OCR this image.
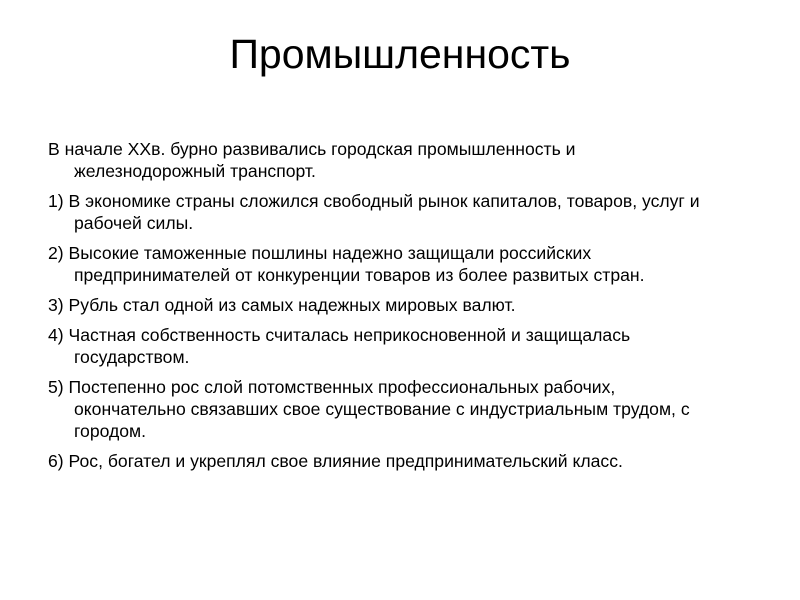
Промышленность
В начале XXв. бурно развивались городская промышленность и железнодорожный транспорт.
1) В экономике страны сложился свободный рынок капиталов, товаров, услуг и рабочей силы.
2) Высокие таможенные пошлины надежно защищали российских предпринимателей от конкуренции товаров из более развитых стран.
3) Рубль стал одной из самых надежных мировых валют.
4) Частная собственность считалась неприкосновенной и защищалась государством.
5) Постепенно рос слой потомственных профессиональных рабочих, окончательно связавших свое существование с индустриальным трудом, с городом.
6) Рос, богател и укреплял свое влияние предпринимательский класс.
